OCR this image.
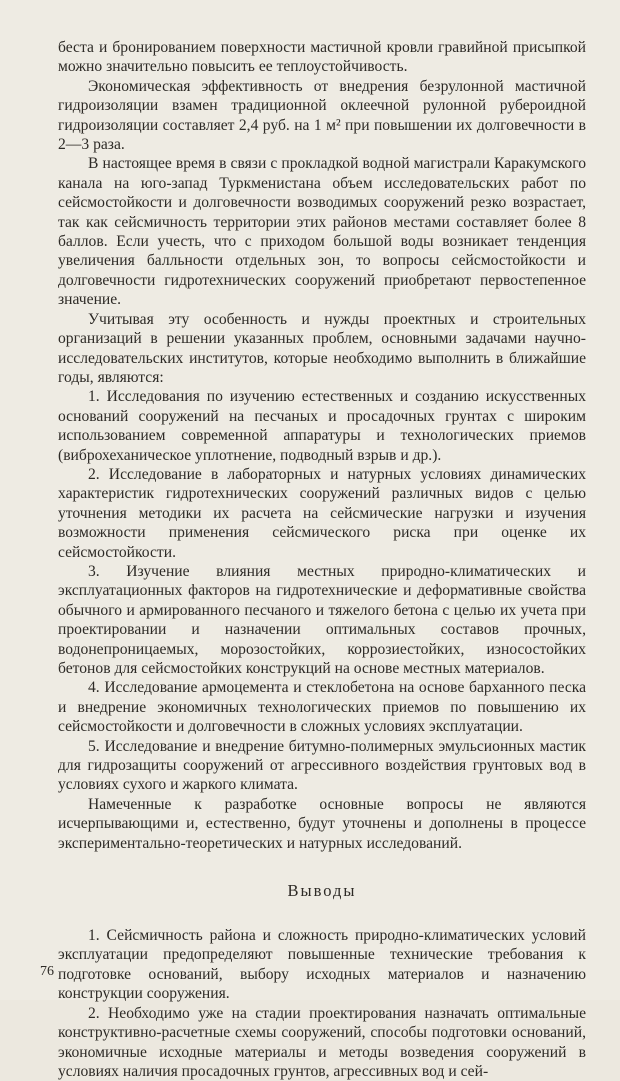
беста и бронированием поверхности мастичной кровли гравийной присыпкой можно значительно повысить ее теплоустойчивость.

Экономическая эффективность от внедрения безрулонной мастичной гидроизоляции взамен традиционной оклеечной рулонной рубероидной гидроизоляции составляет 2,4 руб. на 1 м² при повышении их долговечности в 2—3 раза.

В настоящее время в связи с прокладкой водной магистрали Каракумского канала на юго-запад Туркменистана объем исследовательских работ по сейсмостойкости и долговечности возводимых сооружений резко возрастает, так как сейсмичность территории этих районов местами составляет более 8 баллов. Если учесть, что с приходом большой воды возникает тенденция увеличения балльности отдельных зон, то вопросы сейсмостойкости и долговечности гидротехнических сооружений приобретают первостепенное значение.

Учитывая эту особенность и нужды проектных и строительных организаций в решении указанных проблем, основными задачами научно-исследовательских институтов, которые необходимо выполнить в ближайшие годы, являются:

1. Исследования по изучению естественных и созданию искусственных оснований сооружений на песчаных и просадочных грунтах с широким использованием современной аппаратуры и технологических приемов (виброхеханическое уплотнение, подводный взрыв и др.).

2. Исследование в лабораторных и натурных условиях динамических характеристик гидротехнических сооружений различных видов с целью уточнения методики их расчета на сейсмические нагрузки и изучения возможности применения сейсмического риска при оценке их сейсмостойкости.

3. Изучение влияния местных природно-климатических и эксплуатационных факторов на гидротехнические и деформативные свойства обычного и армированного песчаного и тяжелого бетона с целью их учета при проектировании и назначении оптимальных составов прочных, водонепроницаемых, морозостойких, коррозиестойких, износостойких бетонов для сейсмостойких конструкций на основе местных материалов.

4. Исследование армоцемента и стеклобетона на основе барханного песка и внедрение экономичных технологических приемов по повышению их сейсмостойкости и долговечности в сложных условиях эксплуатации.

5. Исследование и внедрение битумно-полимерных эмульсионных мастик для гидрозащиты сооружений от агрессивного воздействия грунтовых вод в условиях сухого и жаркого климата.

Намеченные к разработке основные вопросы не являются исчерпывающими и, естественно, будут уточнены и дополнены в процессе экспериментально-теоретических и натурных исследований.

Выводы

1. Сейсмичность района и сложность природно-климатических условий эксплуатации предопределяют повышенные технические требования к подготовке оснований, выбору исходных материалов и назначению конструкции сооружения.

2. Необходимо уже на стадии проектирования назначать оптимальные конструктивно-расчетные схемы сооружений, способы подготовки оснований, экономичные исходные материалы и методы возведения сооружений в условиях наличия просадочных грунтов, агрессивных вод и сей-

76
